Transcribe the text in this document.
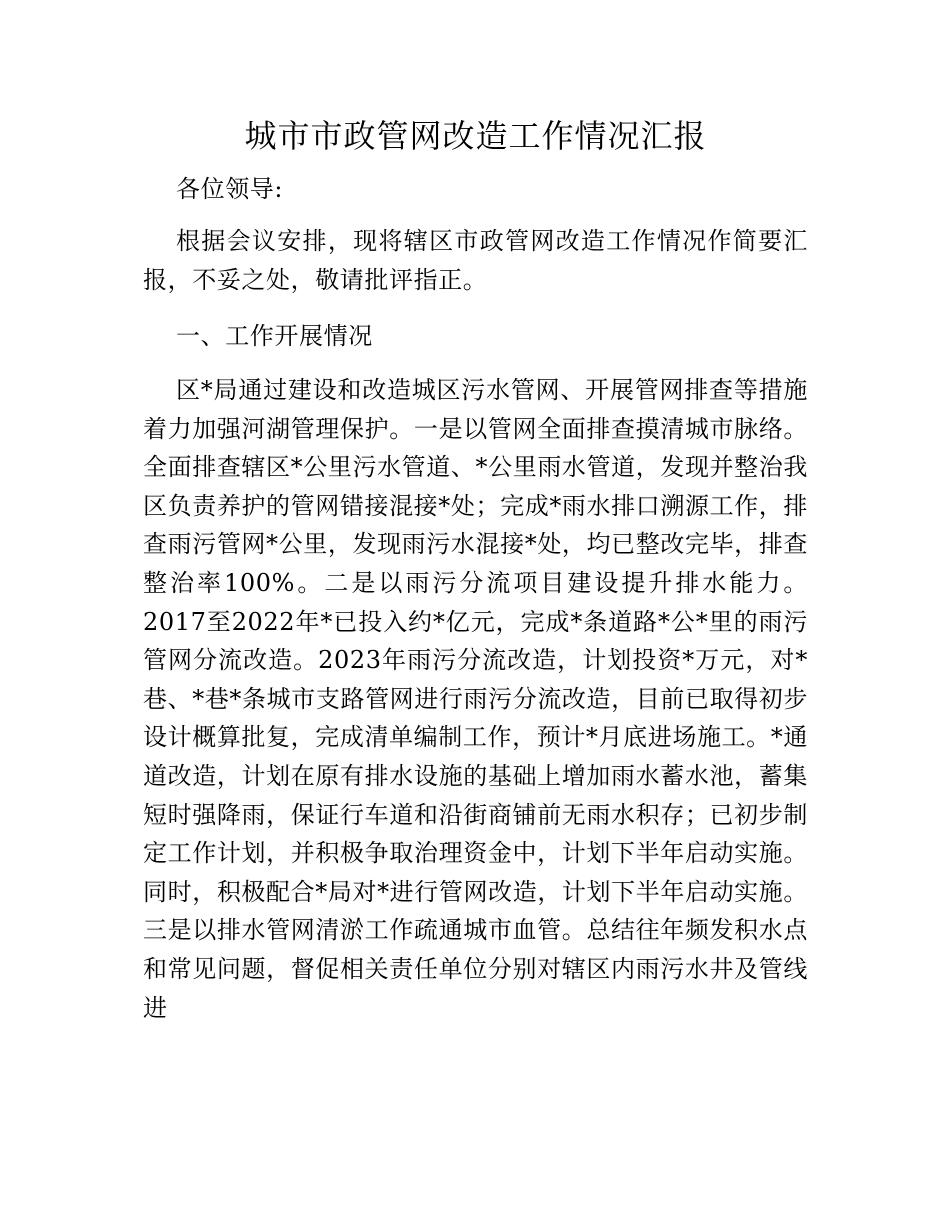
城市市政管网改造工作情况汇报

各位领导:

根据会议安排，现将辖区市政管网改造工作情况作简要汇报，不妥之处，敬请批评指正。

一、工作开展情况

区*局通过建设和改造城区污水管网、开展管网排查等措施着力加强河湖管理保护。一是以管网全面排查摸清城市脉络。全面排查辖区*公里污水管道、*公里雨水管道，发现并整治我区负责养护的管网错接混接*处；完成*雨水排口溯源工作，排查雨污管网*公里，发现雨污水混接*处，均已整改完毕，排查整治率100%。二是以雨污分流项目建设提升排水能力。2017至2022年*已投入约*亿元，完成*条道路*公*里的雨污管网分流改造。2023年雨污分流改造，计划投资*万元，对*巷、*巷*条城市支路管网进行雨污分流改造，目前已取得初步设计概算批复，完成清单编制工作，预计*月底进场施工。*通道改造，计划在原有排水设施的基础上增加雨水蓄水池，蓄集短时强降雨，保证行车道和沿街商铺前无雨水积存；已初步制定工作计划，并积极争取治理资金中，计划下半年启动实施。同时，积极配合*局对*进行管网改造，计划下半年启动实施。三是以排水管网清淤工作疏通城市血管。总结往年频发积水点和常见问题，督促相关责任单位分别对辖区内雨污水井及管线进
